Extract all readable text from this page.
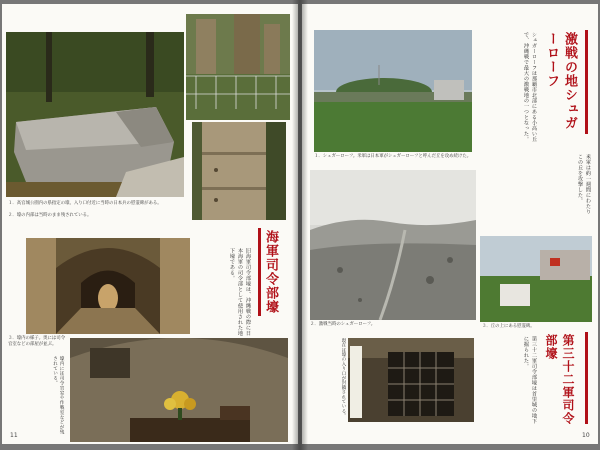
１．高官城公園内の県指定の壕、入り口付近に当時の日本兵の慰霊碑がある。
２．壕の内部は当時のまま残されている。
海軍司令部壕
旧海軍司令部壕は、沖縄戦の際に日本海軍の司令部として使用された地下壕である。
３．壕内の様子。奥には司令官室などの部屋が並ぶ。
壕内には司令官室や作戦室などが残されている。
11
１．シュガーローフ。米軍は日本軍がシュガーローフと呼んだ丘を攻め続けた。
激戦の地シュガーローフ
シュガーローフは那覇市北部にある小高い丘で、沖縄戦で最大の激戦地の一つとなった。
米軍は約一週間にわたりこの丘を攻撃した。
３．丘の上にある慰霊碑。
第三十二軍司令部壕
第三十二軍司令部壕は首里城の地下に掘られた。
現在は壕の入り口が封鎖されている。
２．激戦当時のシュガーローフ。
10
